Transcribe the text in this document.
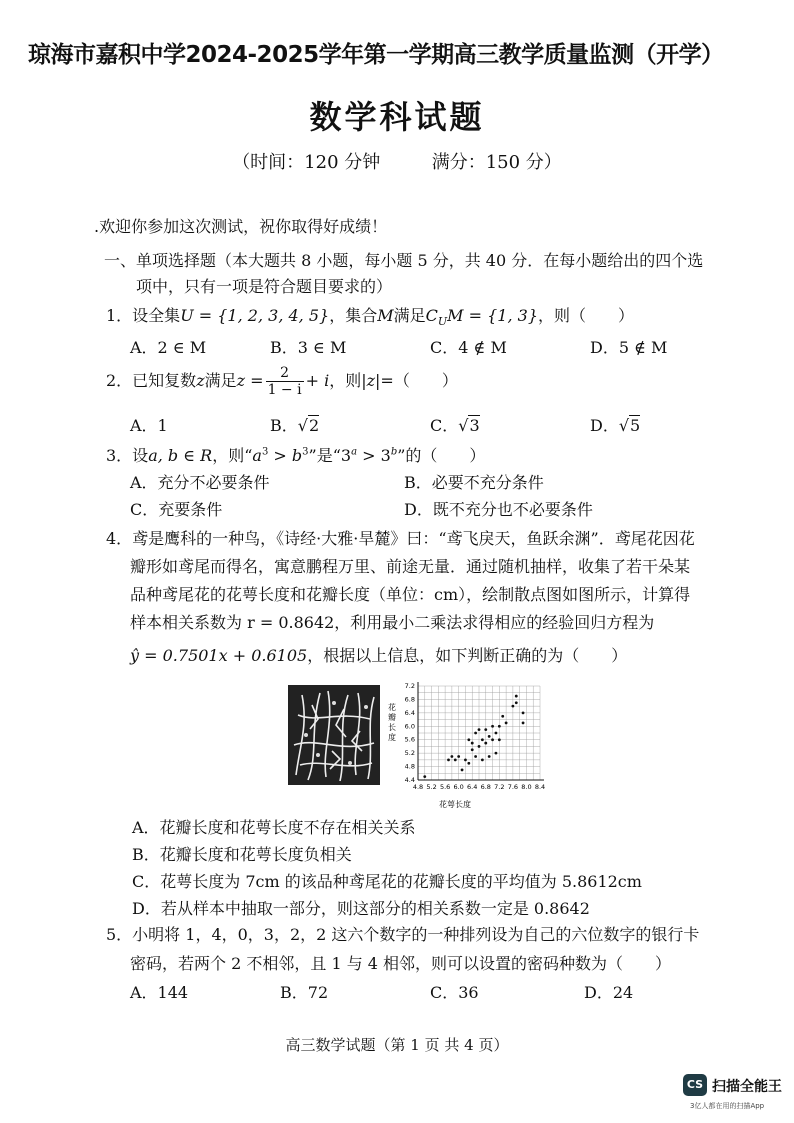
琼海市嘉积中学2024-2025学年第一学期高三教学质量监测（开学）
数学科试题
（时间：120 分钟	满分：150 分）
.欢迎你参加这次测试，祝你取得好成绩！
一、单项选择题（本大题共 8 小题，每小题 5 分，共 40 分．在每小题给出的四个选
项中，只有一项是符合题目要求的）
1．设全集U = {1, 2, 3, 4, 5}，集合M满足$C_UM = \{1$, 3}，则（　　）
A．2 ∈ M	B．3 ∈ M	C．4 ∉ M	D．5 ∉ M
2．已知复数z满足$z = \frac{2}{1 - i} + i$，则|z|=（　　）
A．1	B．√2	C．√3	D．√5
3．设a, b ∈ R，则“$a^3 > b^3$”是“$3^a > 3^b$”的（　　）
A．充分不必要条件	B．必要不充分条件
C．充要条件	D．既不充分也不必要条件
4．鸢是鹰科的一种鸟，《诗经·大雅·旱麓》曰：“鸢飞戾天，鱼跃余渊”．鸢尾花因花
瓣形如鸢尾而得名，寓意鹏程万里、前途无量．通过随机抽样，收集了若干朵某
品种鸢尾花的花萼长度和花瓣长度（单位：cm），绘制散点图如图所示，计算得
样本相关系数为 r = 0.8642，利用最小二乘法求得相应的经验回归方程为
ŷ = 0.7501x + 0.6105，根据以上信息，如下判断正确的为（　　）
4.8 5.2 5.6 6.0 6.4 6.8 7.2 7.6 8.0 8.4
4.4
4.8
5.2
5.6
6.0
6.4
6.8
7.2
花萼长度
花瓣长度
A．花瓣长度和花萼长度不存在相关关系
B．花瓣长度和花萼长度负相关
C．花萼长度为 7cm 的该品种鸢尾花的花瓣长度的平均值为 5.8612cm
D．若从样本中抽取一部分，则这部分的相关系数一定是 0.8642
5．小明将 1，4，0，3，2，2 这六个数字的一种排列设为自己的六位数字的银行卡
密码，若两个 2 不相邻，且 1 与 4 相邻，则可以设置的密码种数为（　　）
A．144	B．72	C．36	D．24
高三数学试题（第 1 页 共 4 页）
CS 扫描全能王
3亿人都在用的扫描App
